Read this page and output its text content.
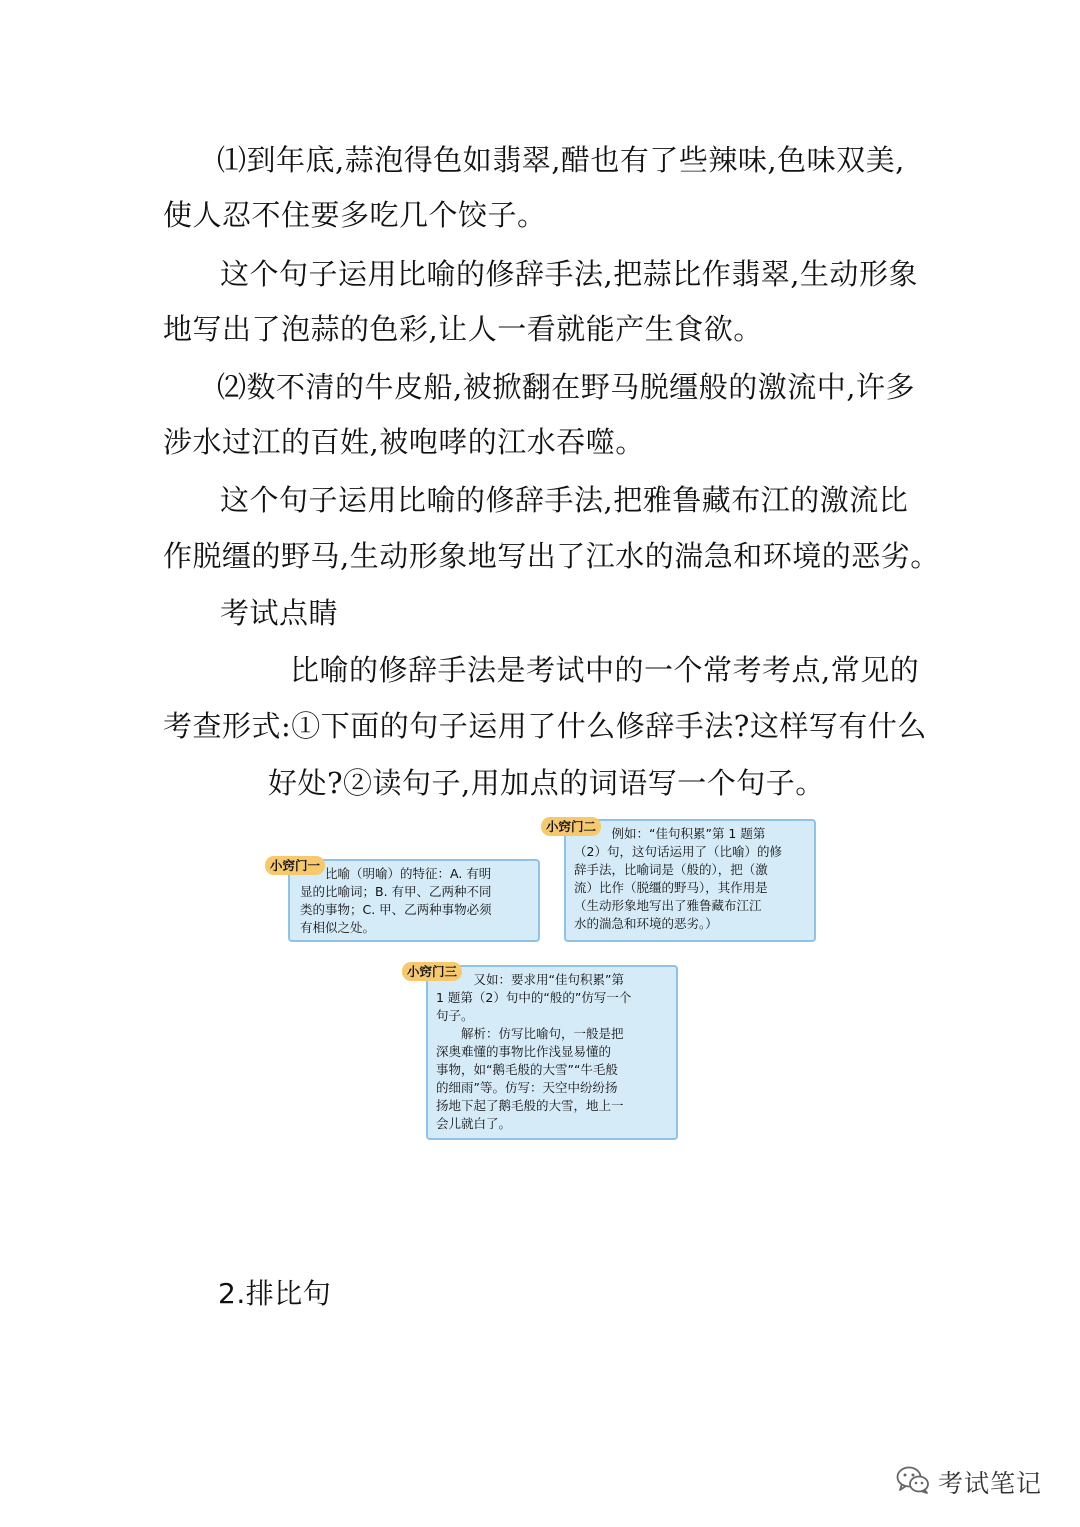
⑴到年底,蒜泡得色如翡翠,醋也有了些辣味,色味双美,
使人忍不住要多吃几个饺子。
这个句子运用比喻的修辞手法,把蒜比作翡翠,生动形象
地写出了泡蒜的色彩,让人一看就能产生食欲。
⑵数不清的牛皮船,被掀翻在野马脱缰般的激流中,许多
涉水过江的百姓,被咆哮的江水吞噬。
这个句子运用比喻的修辞手法,把雅鲁藏布江的激流比
作脱缰的野马,生动形象地写出了江水的湍急和环境的恶劣。
考试点睛
比喻的修辞手法是考试中的一个常考考点,常见的
考查形式:①下面的句子运用了什么修辞手法?这样写有什么
好处?②读句子,用加点的词语写一个句子。

比喻（明喻）的特征：A. 有明

显的比喻词；B. 有甲、乙两种不同

类的事物；C. 甲、乙两种事物必须

有相似之处。

小窍门一

例如：“佳句积累”第 1 题第

（2）句，这句话运用了（比喻）的修

辞手法，比喻词是（般的），把（激

流）比作（脱缰的野马），其作用是

（生动形象地写出了雅鲁藏布江江

水的湍急和环境的恶劣。）

小窍门二

又如：要求用“佳句积累”第

1 题第（2）句中的“般的”仿写一个

句子。

　　解析：仿写比喻句，一般是把

深奥难懂的事物比作浅显易懂的

事物，如“鹅毛般的大雪”“牛毛般

的细雨”等。仿写：天空中纷纷扬

扬地下起了鹅毛般的大雪，地上一

会儿就白了。

小窍门三
2.排比句
考试笔记
